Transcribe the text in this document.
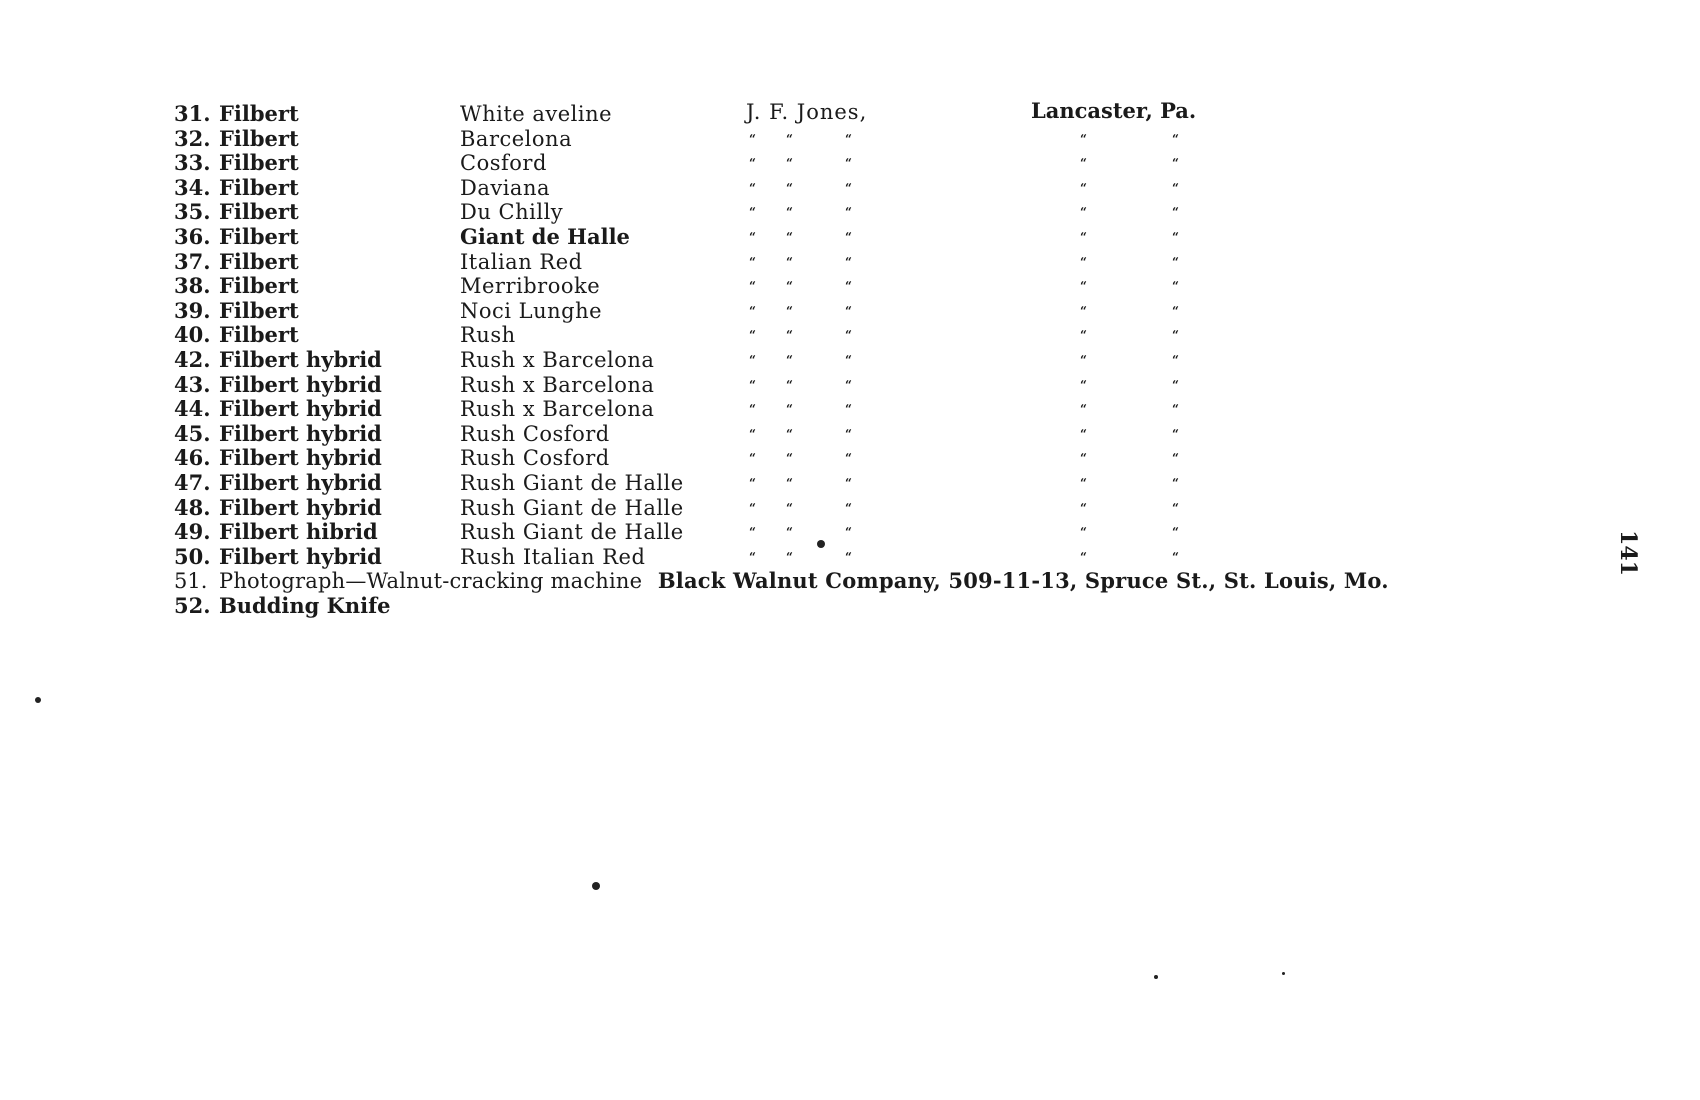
31. Filbert	White aveline	J. F. Jones,	Lancaster, Pa.
32. Filbert	Barcelona	“	“	“	“	“
33. Filbert	Cosford	“	“	“	“	“
34. Filbert	Daviana	“	“	“	“	“
35. Filbert	Du Chilly	“	“	“	“	“
36. Filbert	Giant de Halle	“	“	“	“	“
37. Filbert	Italian Red	“	“	“	“	“
38. Filbert	Merribrooke	“	“	“	“	“
39. Filbert	Noci Lunghe	“	“	“	“	“
40. Filbert	Rush	“	“	“	“	“
42. Filbert hybrid	Rush x Barcelona	“	“	“	“	“
43. Filbert hybrid	Rush x Barcelona	“	“	“	“	“
44. Filbert hybrid	Rush x Barcelona	“	“	“	“	“
45. Filbert hybrid	Rush Cosford	“	“	“	“	“
46. Filbert hybrid	Rush Cosford	“	“	“	“	“
47. Filbert hybrid	Rush Giant de Halle	“	“	“	“	“
48. Filbert hybrid	Rush Giant de Halle	“	“	“	“	“
49. Filbert hibrid	Rush Giant de Halle	“	“	“	“	“
50. Filbert hybrid	Rush Italian Red	“	“	“	“	“
51. Photograph—Walnut-cracking machine Black Walnut Company, 509-11-13, Spruce St., St. Louis, Mo.
52. Budding Knife
141
